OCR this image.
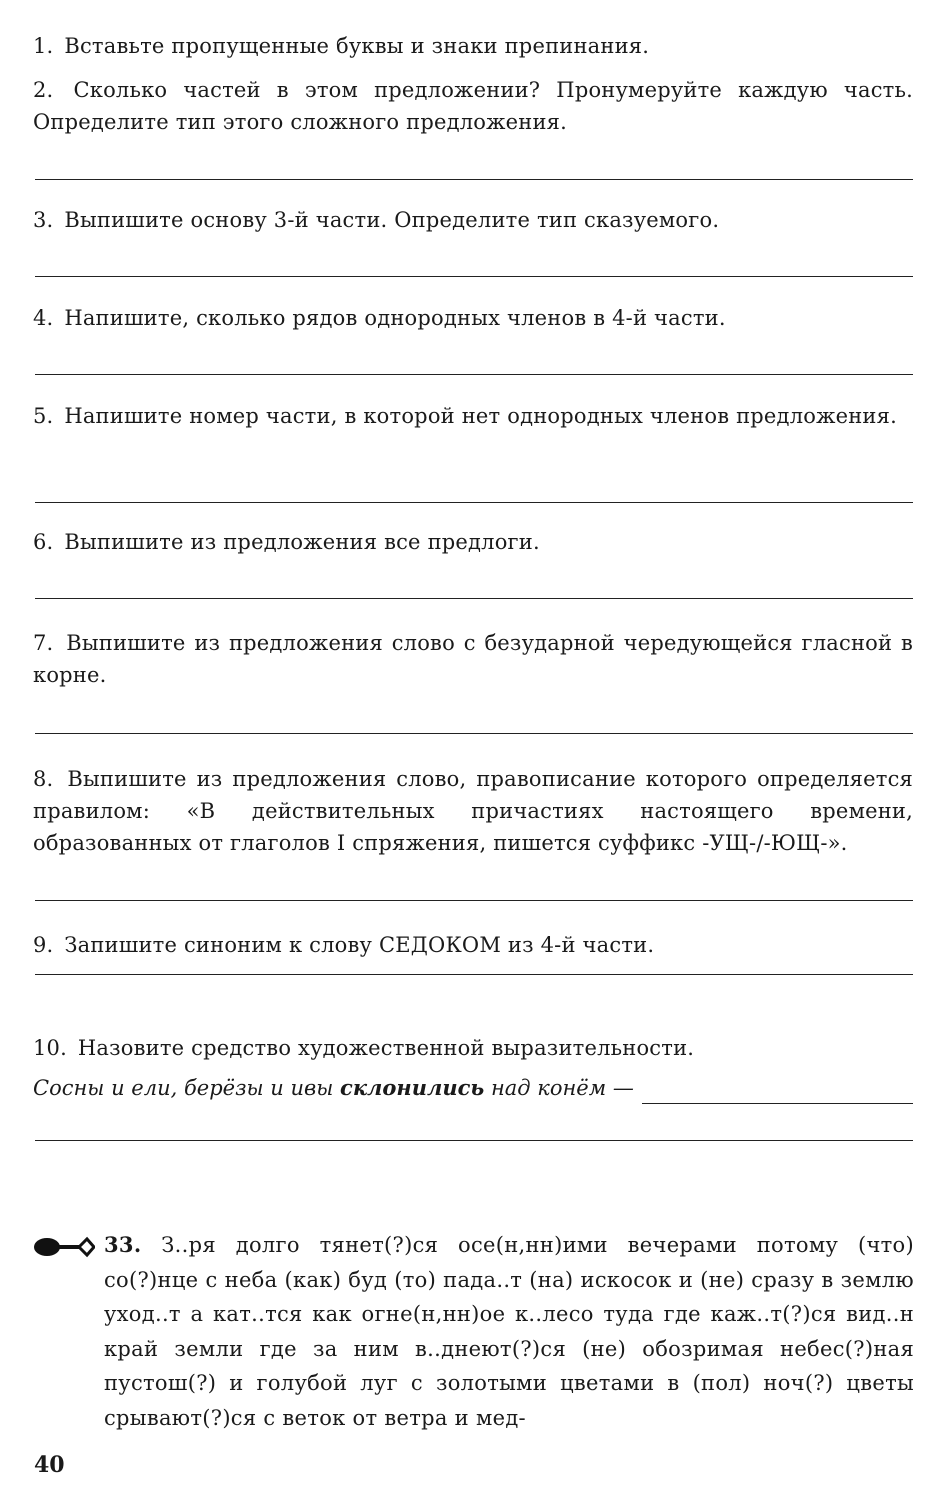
1. Вставьте пропущенные буквы и знаки препинания.

2. Сколько частей в этом предложении? Пронумеруйте каждую часть. Определите тип этого сложного предложения.

3. Выпишите основу 3-й части. Определите тип сказуемого.

4. Напишите, сколько рядов однородных членов в 4-й части.

5. Напишите номер части, в которой нет однородных членов предложения.

6. Выпишите из предложения все предлоги.

7. Выпишите из предложения слово с безударной чередующейся гласной в корне.

8. Выпишите из предложения слово, правописание которого определяется правилом: «В действительных причастиях настоящего времени, образованных от глаголов I спряжения, пишется суффикс -УЩ-/-ЮЩ-».

9. Запишите синоним к слову СЕДОКОМ из 4-й части.

10. Назовите средство художественной выразительности.

Сосны и ели, берёзы и ивы склонились над конём —

33. З..ря долго тянет(?)ся осе(н,нн)ими вечерами потому (что) со(?)нце с неба (как) буд (то) пада..т (на) искосок и (не) сразу в землю уход..т а кат..тся как огне(н,нн)ое к..лесо туда где каж..т(?)ся вид..н край земли где за ним в..днеют(?)ся (не) обозримая небес(?)ная пустош(?) и голубой луг с золотыми цветами в (пол) ноч(?) цветы срывают(?)ся с веток от ветра и мед-

40
